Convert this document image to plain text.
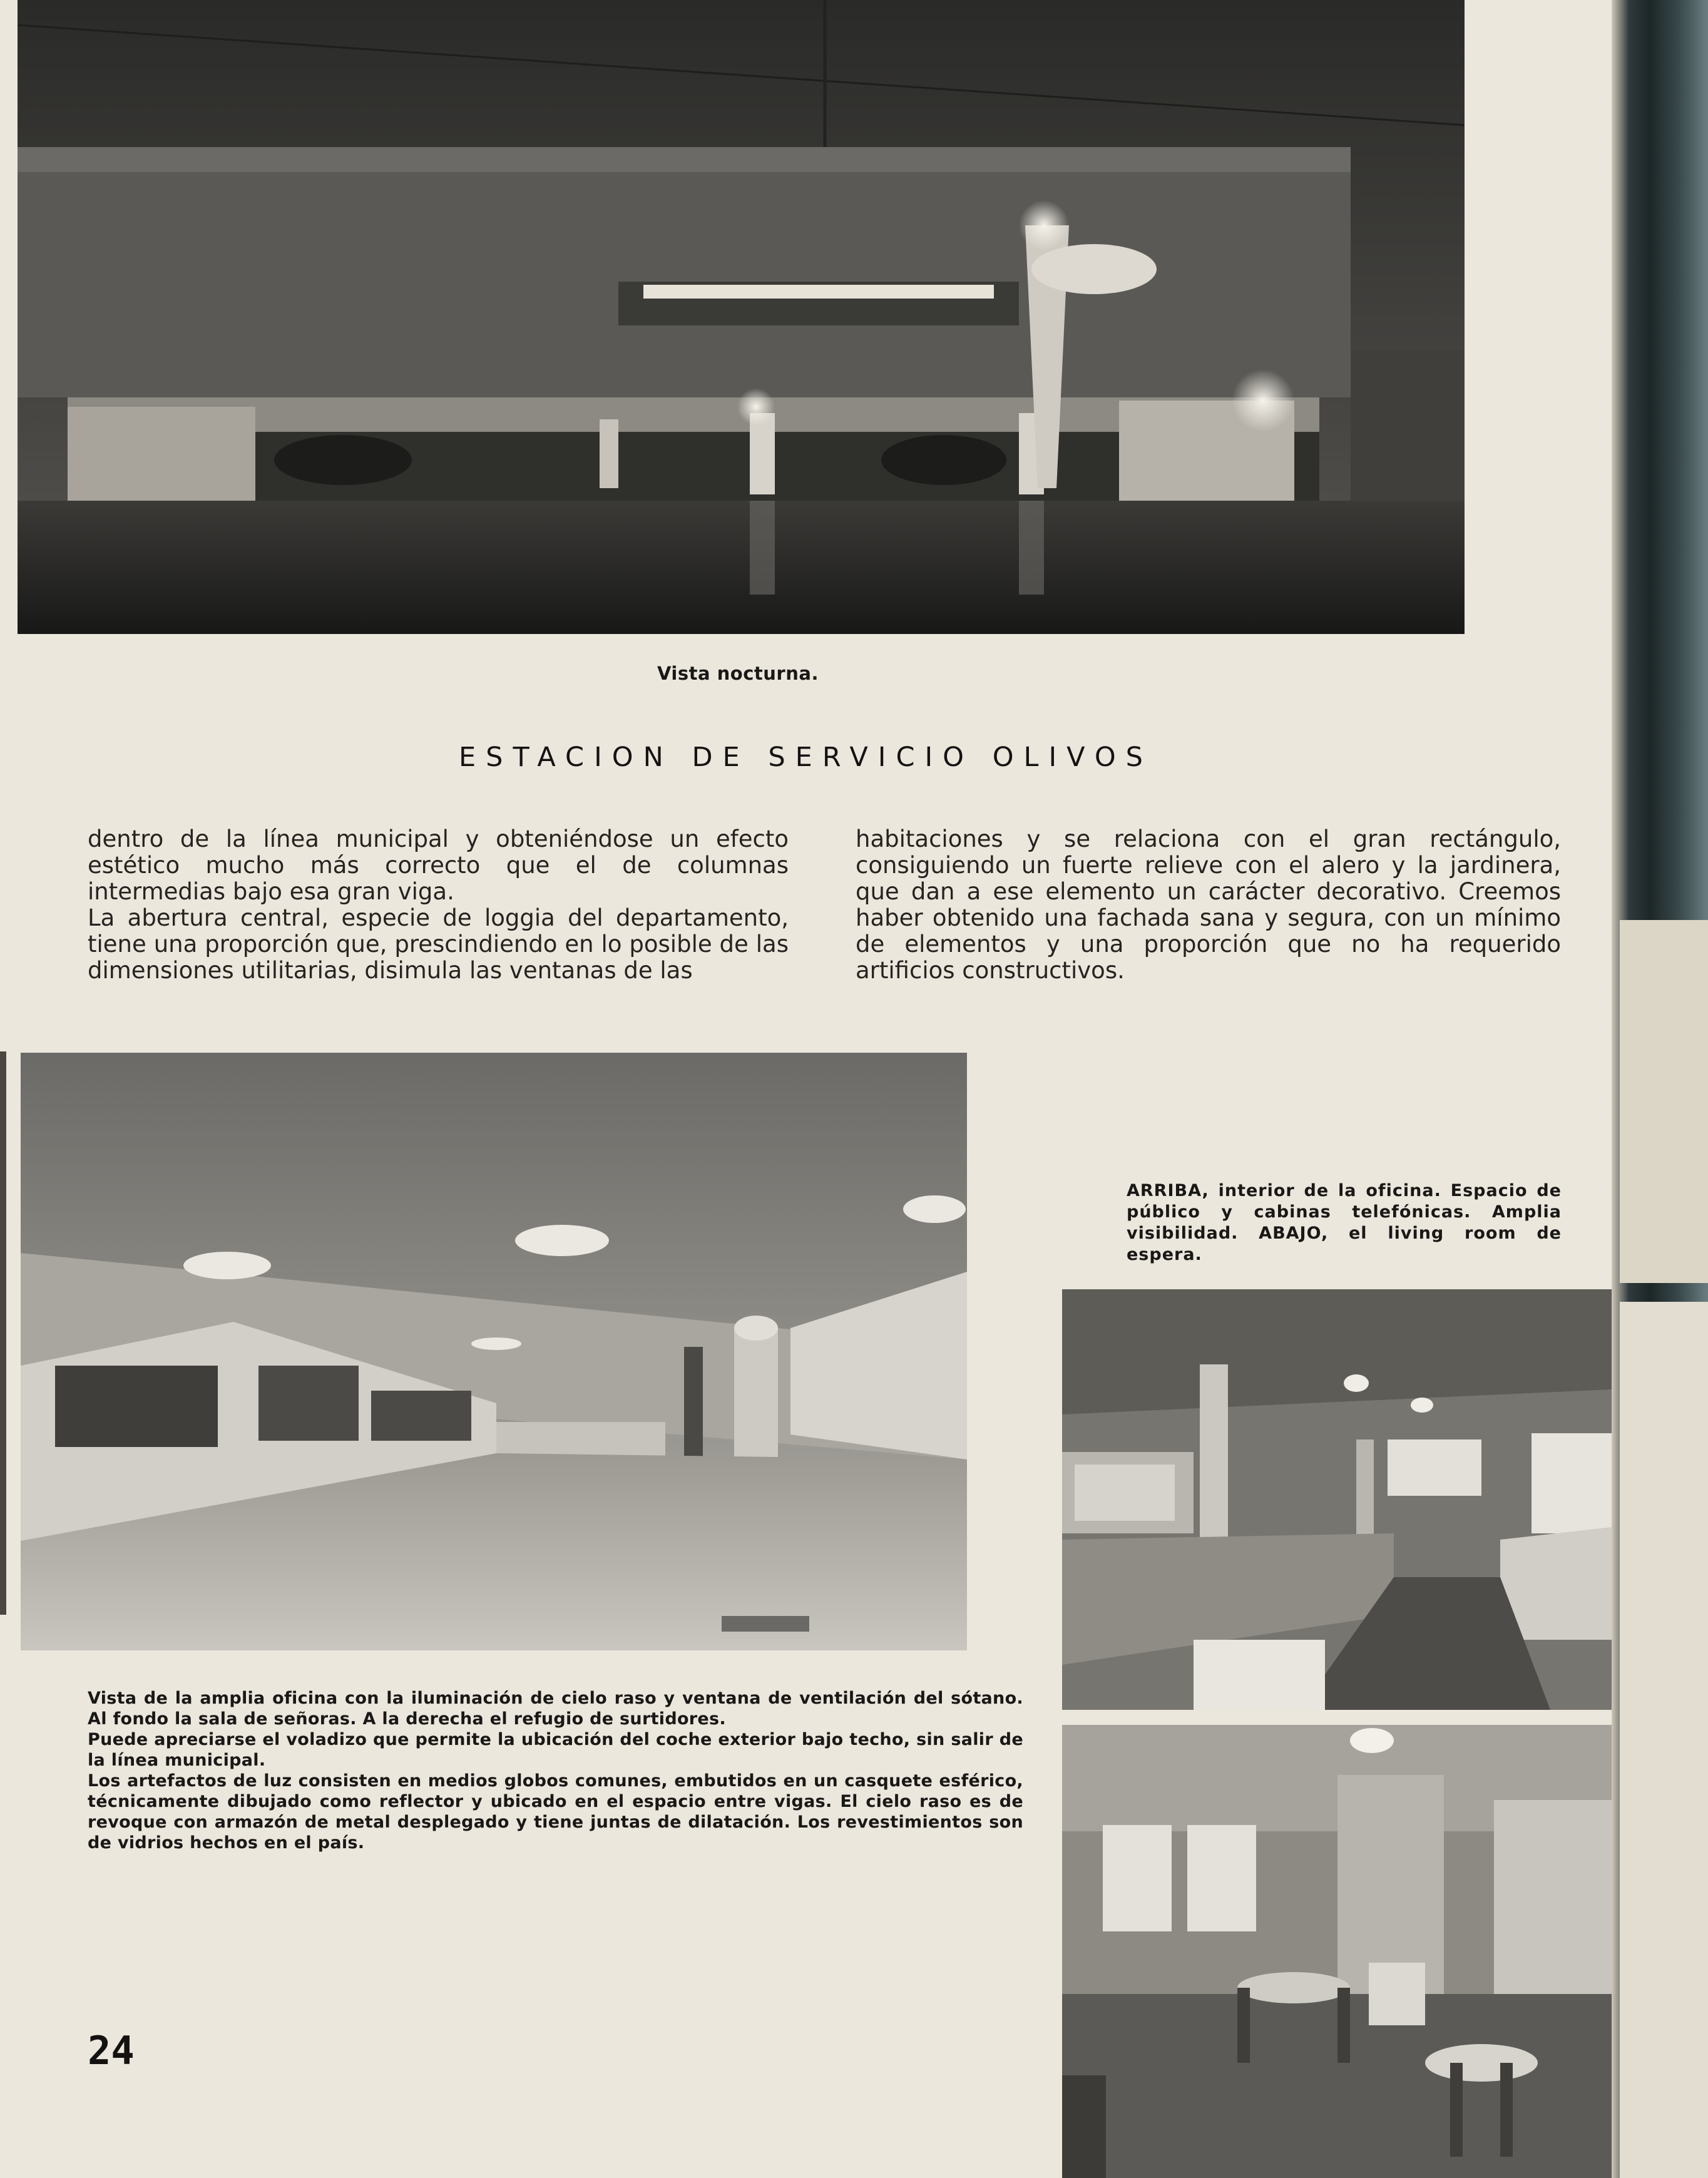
Vista nocturna.
ESTACION DE SERVICIO OLIVOS

dentro de la línea municipal y obteniéndose un efecto estético mucho más correcto que el de columnas intermedias bajo esa gran viga.

La abertura central, especie de loggia del departamento, tiene una proporción que, prescindiendo en lo posible de las dimensiones utilitarias, disimula las ventanas de las

habitaciones y se relaciona con el gran rectángulo, consiguiendo un fuerte relieve con el alero y la jardinera, que dan a ese elemento un carácter decorativo. Creemos haber obtenido una fachada sana y segura, con un mínimo de elementos y una proporción que no ha requerido artificios constructivos.

ARRIBA, interior de la oficina. Espacio de público y cabinas telefónicas. Amplia visibilidad. ABAJO, el living room de espera.

Vista de la amplia oficina con la iluminación de cielo raso y ventana de ventilación del sótano. Al fondo la sala de señoras. A la derecha el refugio de surtidores.

Puede apreciarse el voladizo que permite la ubicación del coche exterior bajo techo, sin salir de la línea municipal.

Los artefactos de luz consisten en medios globos comunes, embutidos en un casquete esférico, técnicamente dibujado como reflector y ubicado en el espacio entre vigas. El cielo raso es de revoque con armazón de metal desplegado y tiene juntas de dilatación. Los revestimientos son de vidrios hechos en el país.

24
